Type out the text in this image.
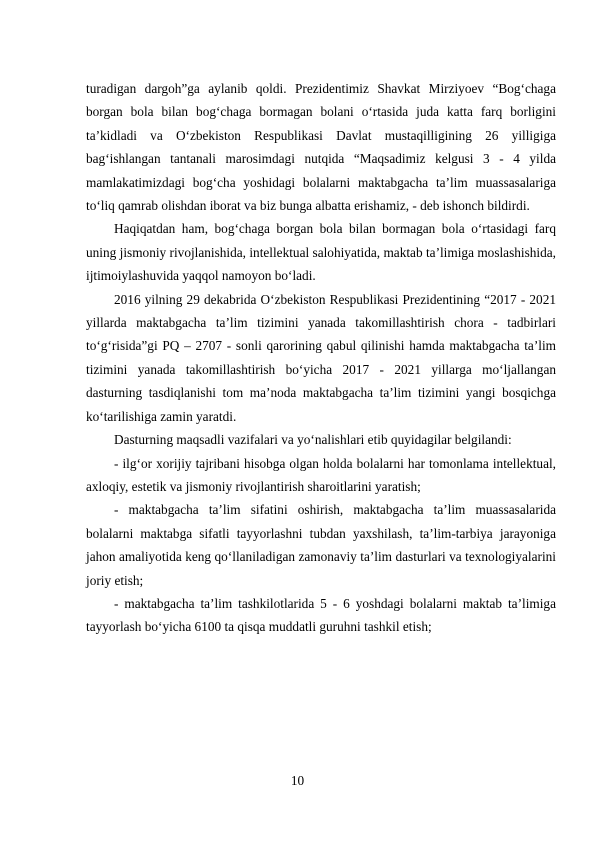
turadigan dargoh”ga aylanib qoldi. Prezidentimiz Shavkat Mirziyoev “Bog‘chaga borgan bola bilan bog‘chaga bormagan bolani o‘rtasida juda katta farq borligini ta’kidladi va O‘zbekiston Respublikasi Davlat mustaqilligining 26 yilligiga bag‘ishlangan tantanali marosimdagi nutqida “Maqsadimiz kelgusi 3 - 4 yilda mamlakatimizdagi bog‘cha yoshidagi bolalarni maktabgacha ta’lim muassasalariga to‘liq qamrab olishdan iborat va biz bunga albatta erishamiz, - deb ishonch bildirdi.

Haqiqatdan ham, bog‘chaga borgan bola bilan bormagan bola o‘rtasidagi farq uning jismoniy rivojlanishida, intellektual salohiyatida, maktab ta’limiga moslashishida, ijtimoiylashuvida yaqqol namoyon bo‘ladi.

2016 yilning 29 dekabrida O‘zbekiston Respublikasi Prezidentining “2017 - 2021 yillarda maktabgacha ta’lim tizimini yanada takomillashtirish chora - tadbirlari to‘g‘risida”gi PQ – 2707 - sonli qarorining qabul qilinishi hamda maktabgacha ta’lim tizimini yanada takomillashtirish bo‘yicha 2017 - 2021 yillarga mo‘ljallangan dasturning tasdiqlanishi tom ma’noda maktabgacha ta’lim tizimini yangi bosqichga ko‘tarilishiga zamin yaratdi.

Dasturning maqsadli vazifalari va yo‘nalishlari etib quyidagilar belgilandi:

- ilg‘or xorijiy tajribani hisobga olgan holda bolalarni har tomonlama intellektual, axloqiy, estetik va jismoniy rivojlantirish sharoitlarini yaratish;

- maktabgacha ta’lim sifatini oshirish, maktabgacha ta’lim muassasalarida bolalarni maktabga sifatli tayyorlashni tubdan yaxshilash, ta’lim-tarbiya jarayoniga jahon amaliyotida keng qo‘llaniladigan zamonaviy ta’lim dasturlari va texnologiyalarini joriy etish;

- maktabgacha ta’lim tashkilotlarida 5 - 6 yoshdagi bolalarni maktab ta’limiga tayyorlash bo‘yicha 6100 ta qisqa muddatli guruhni tashkil etish;

10
